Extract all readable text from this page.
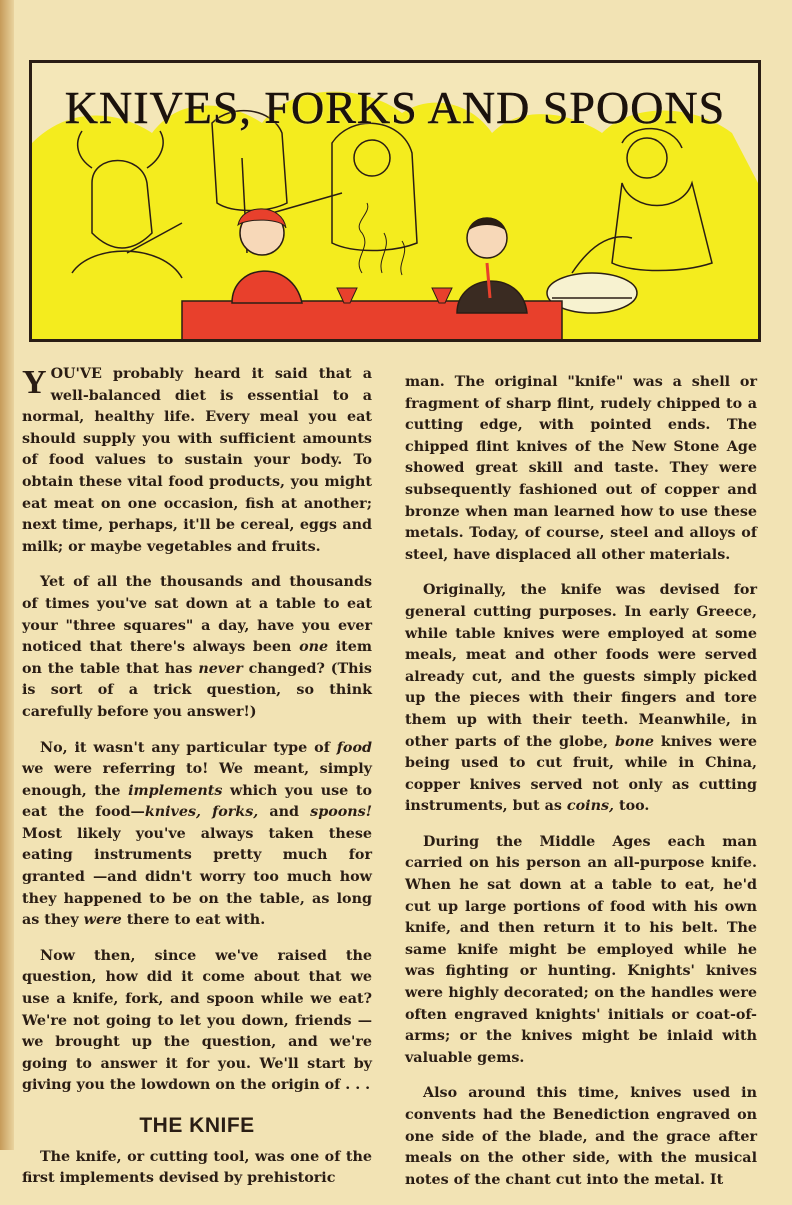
KNIVES, FORKS AND SPOONS

YOU'VE probably heard it said that a well-balanced diet is essential to a normal, healthy life. Every meal you eat should supply you with sufficient amounts of food values to sustain your body. To obtain these vital food products, you might eat meat on one occasion, fish at another; next time, perhaps, it'll be cereal, eggs and milk; or maybe vegetables and fruits.

Yet of all the thousands and thousands of times you've sat down at a table to eat your "three squares" a day, have you ever noticed that there's always been one item on the table that has never changed? (This is sort of a trick question, so think carefully before you answer!)

No, it wasn't any particular type of food we were referring to! We meant, simply enough, the implements which you use to eat the food—knives, forks, and spoons! Most likely you've always taken these eating instruments pretty much for granted —and didn't worry too much how they happened to be on the table, as long as they were there to eat with.

Now then, since we've raised the question, how did it come about that we use a knife, fork, and spoon while we eat? We're not going to let you down, friends —we brought up the question, and we're going to answer it for you. We'll start by giving you the lowdown on the origin of . . .

THE KNIFE

The knife, or cutting tool, was one of the first implements devised by prehistoric

man. The original "knife" was a shell or fragment of sharp flint, rudely chipped to a cutting edge, with pointed ends. The chipped flint knives of the New Stone Age showed great skill and taste. They were subsequently fashioned out of copper and bronze when man learned how to use these metals. Today, of course, steel and alloys of steel, have displaced all other materials.

Originally, the knife was devised for general cutting purposes. In early Greece, while table knives were employed at some meals, meat and other foods were served already cut, and the guests simply picked up the pieces with their fingers and tore them up with their teeth. Meanwhile, in other parts of the globe, bone knives were being used to cut fruit, while in China, copper knives served not only as cutting instruments, but as coins, too.

During the Middle Ages each man carried on his person an all-purpose knife. When he sat down at a table to eat, he'd cut up large portions of food with his own knife, and then return it to his belt. The same knife might be employed while he was fighting or hunting. Knights' knives were highly decorated; on the handles were often engraved knights' initials or coat-of-arms; or the knives might be inlaid with valuable gems.

Also around this time, knives used in convents had the Benediction engraved on one side of the blade, and the grace after meals on the other side, with the musical notes of the chant cut into the metal. It
